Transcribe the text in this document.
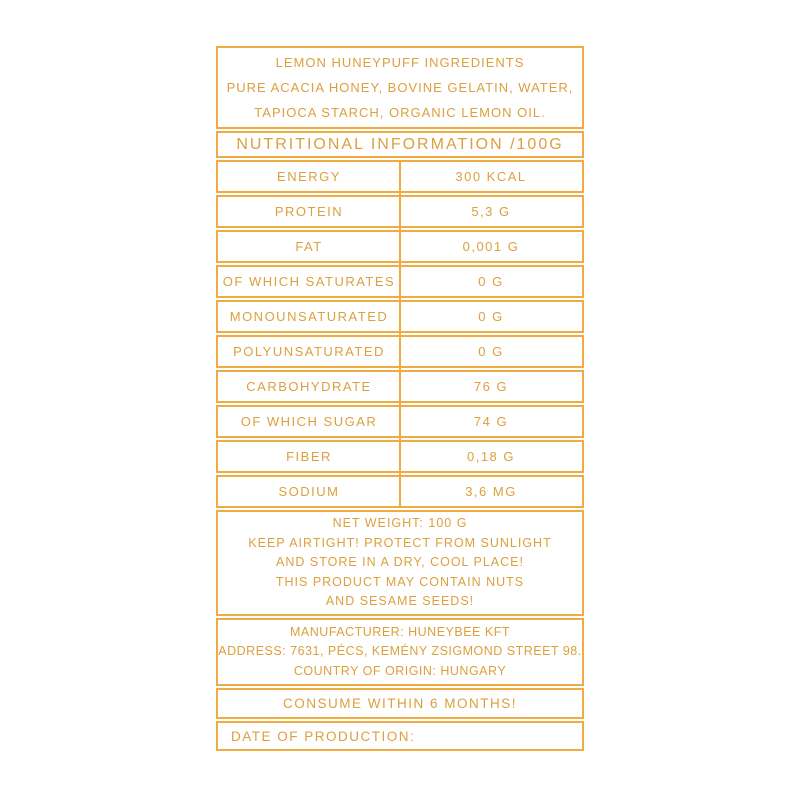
LEMON HUNEYPUFF INGREDIENTS
PURE ACACIA HONEY, BOVINE GELATIN, WATER,
TAPIOCA STARCH, ORGANIC LEMON OIL.
NUTRITIONAL INFORMATION /100G
ENERGY	300 KCAL
PROTEIN	5,3 G
FAT	0,001 G
OF WHICH SATURATES	0 G
MONOUNSATURATED	0 G
POLYUNSATURATED	0 G
CARBOHYDRATE	76 G
OF WHICH SUGAR	74 G
FIBER	0,18 G
SODIUM	3,6 MG
NET WEIGHT: 100 G
KEEP AIRTIGHT! PROTECT FROM SUNLIGHT
AND STORE IN A DRY, COOL PLACE!
THIS PRODUCT MAY CONTAIN NUTS
AND SESAME SEEDS!
MANUFACTURER: HUNEYBEE KFT
ADDRESS: 7631, PÉCS, KEMÉNY ZSIGMOND STREET 98.
COUNTRY OF ORIGIN: HUNGARY
CONSUME WITHIN 6 MONTHS!
DATE OF PRODUCTION:
